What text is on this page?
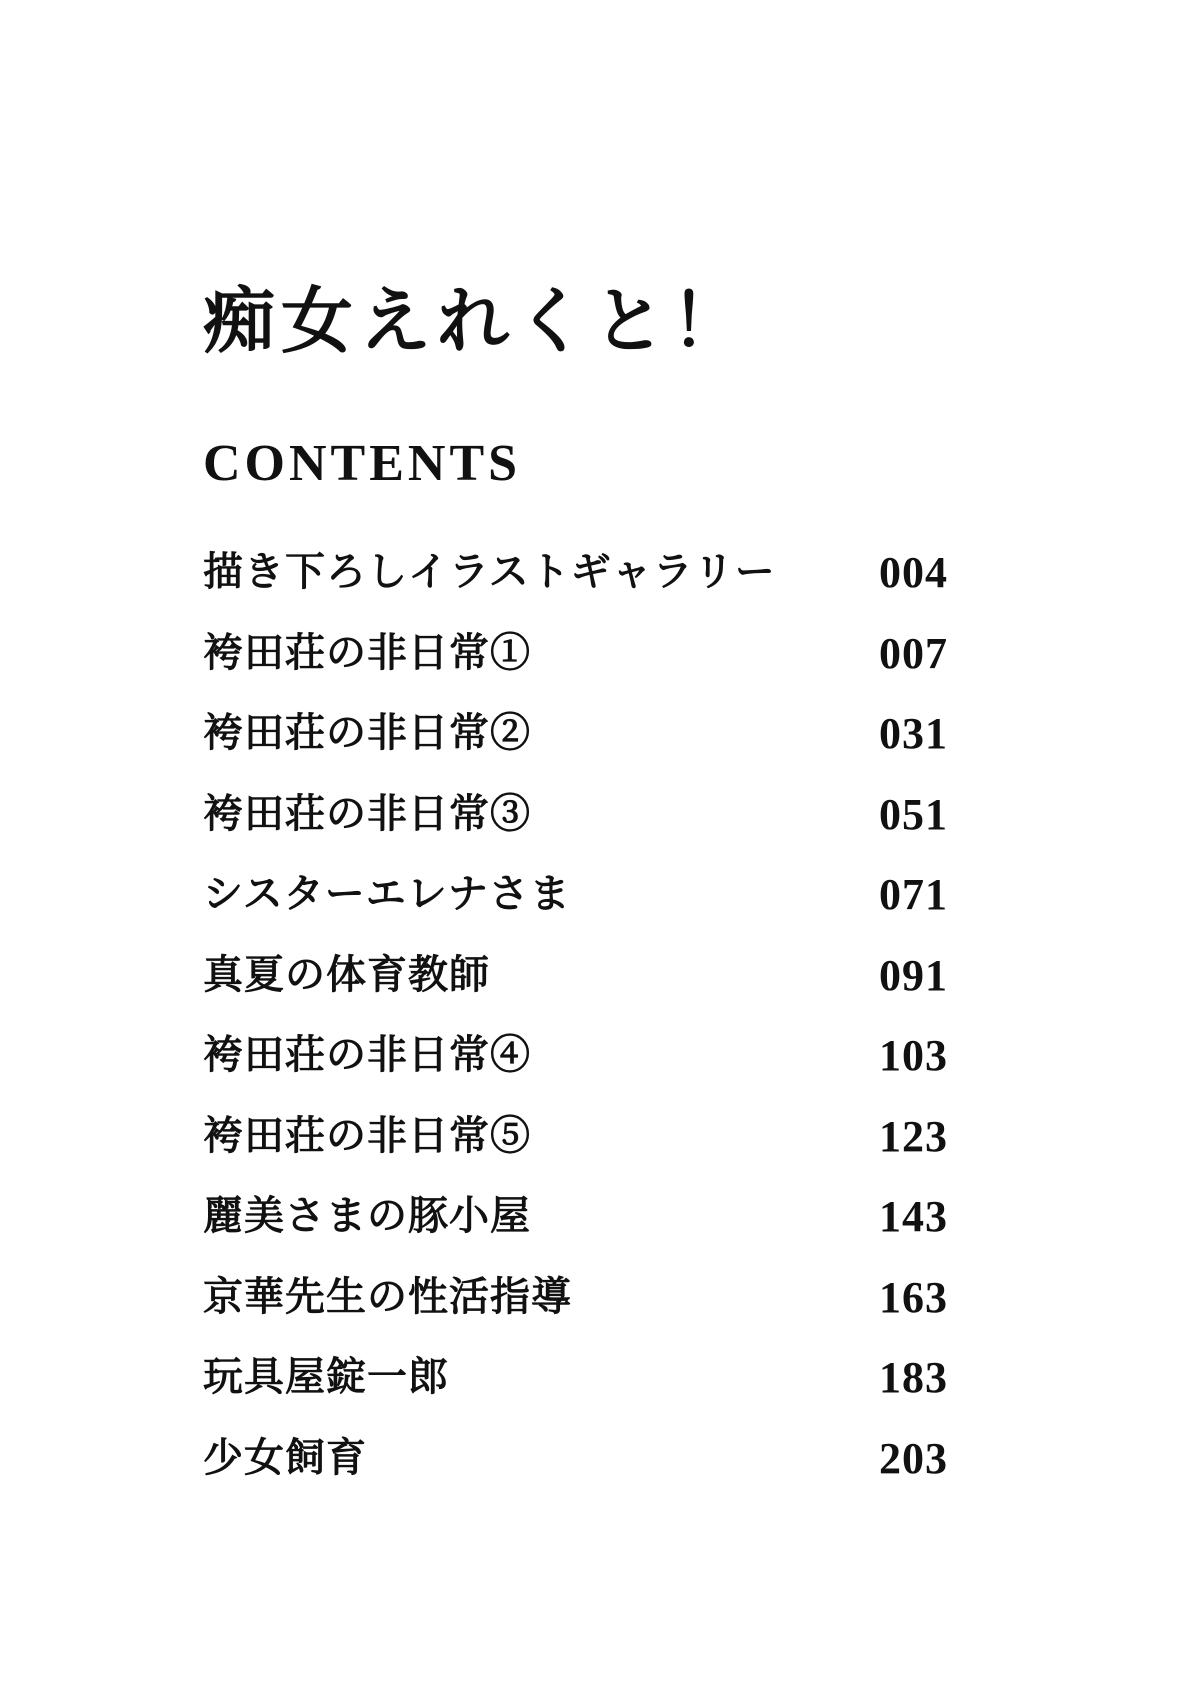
痴女えれくと！
CONTENTS
描き下ろしイラストギャラリー 004
袴田荘の非日常①	007
袴田荘の非日常②	031
袴田荘の非日常③	051
シスターエレナさま	071
真夏の体育教師	091
袴田荘の非日常④	103
袴田荘の非日常⑤	123
麗美さまの豚小屋	143
京華先生の性活指導	163
玩具屋錠一郎	183
少女飼育	203
